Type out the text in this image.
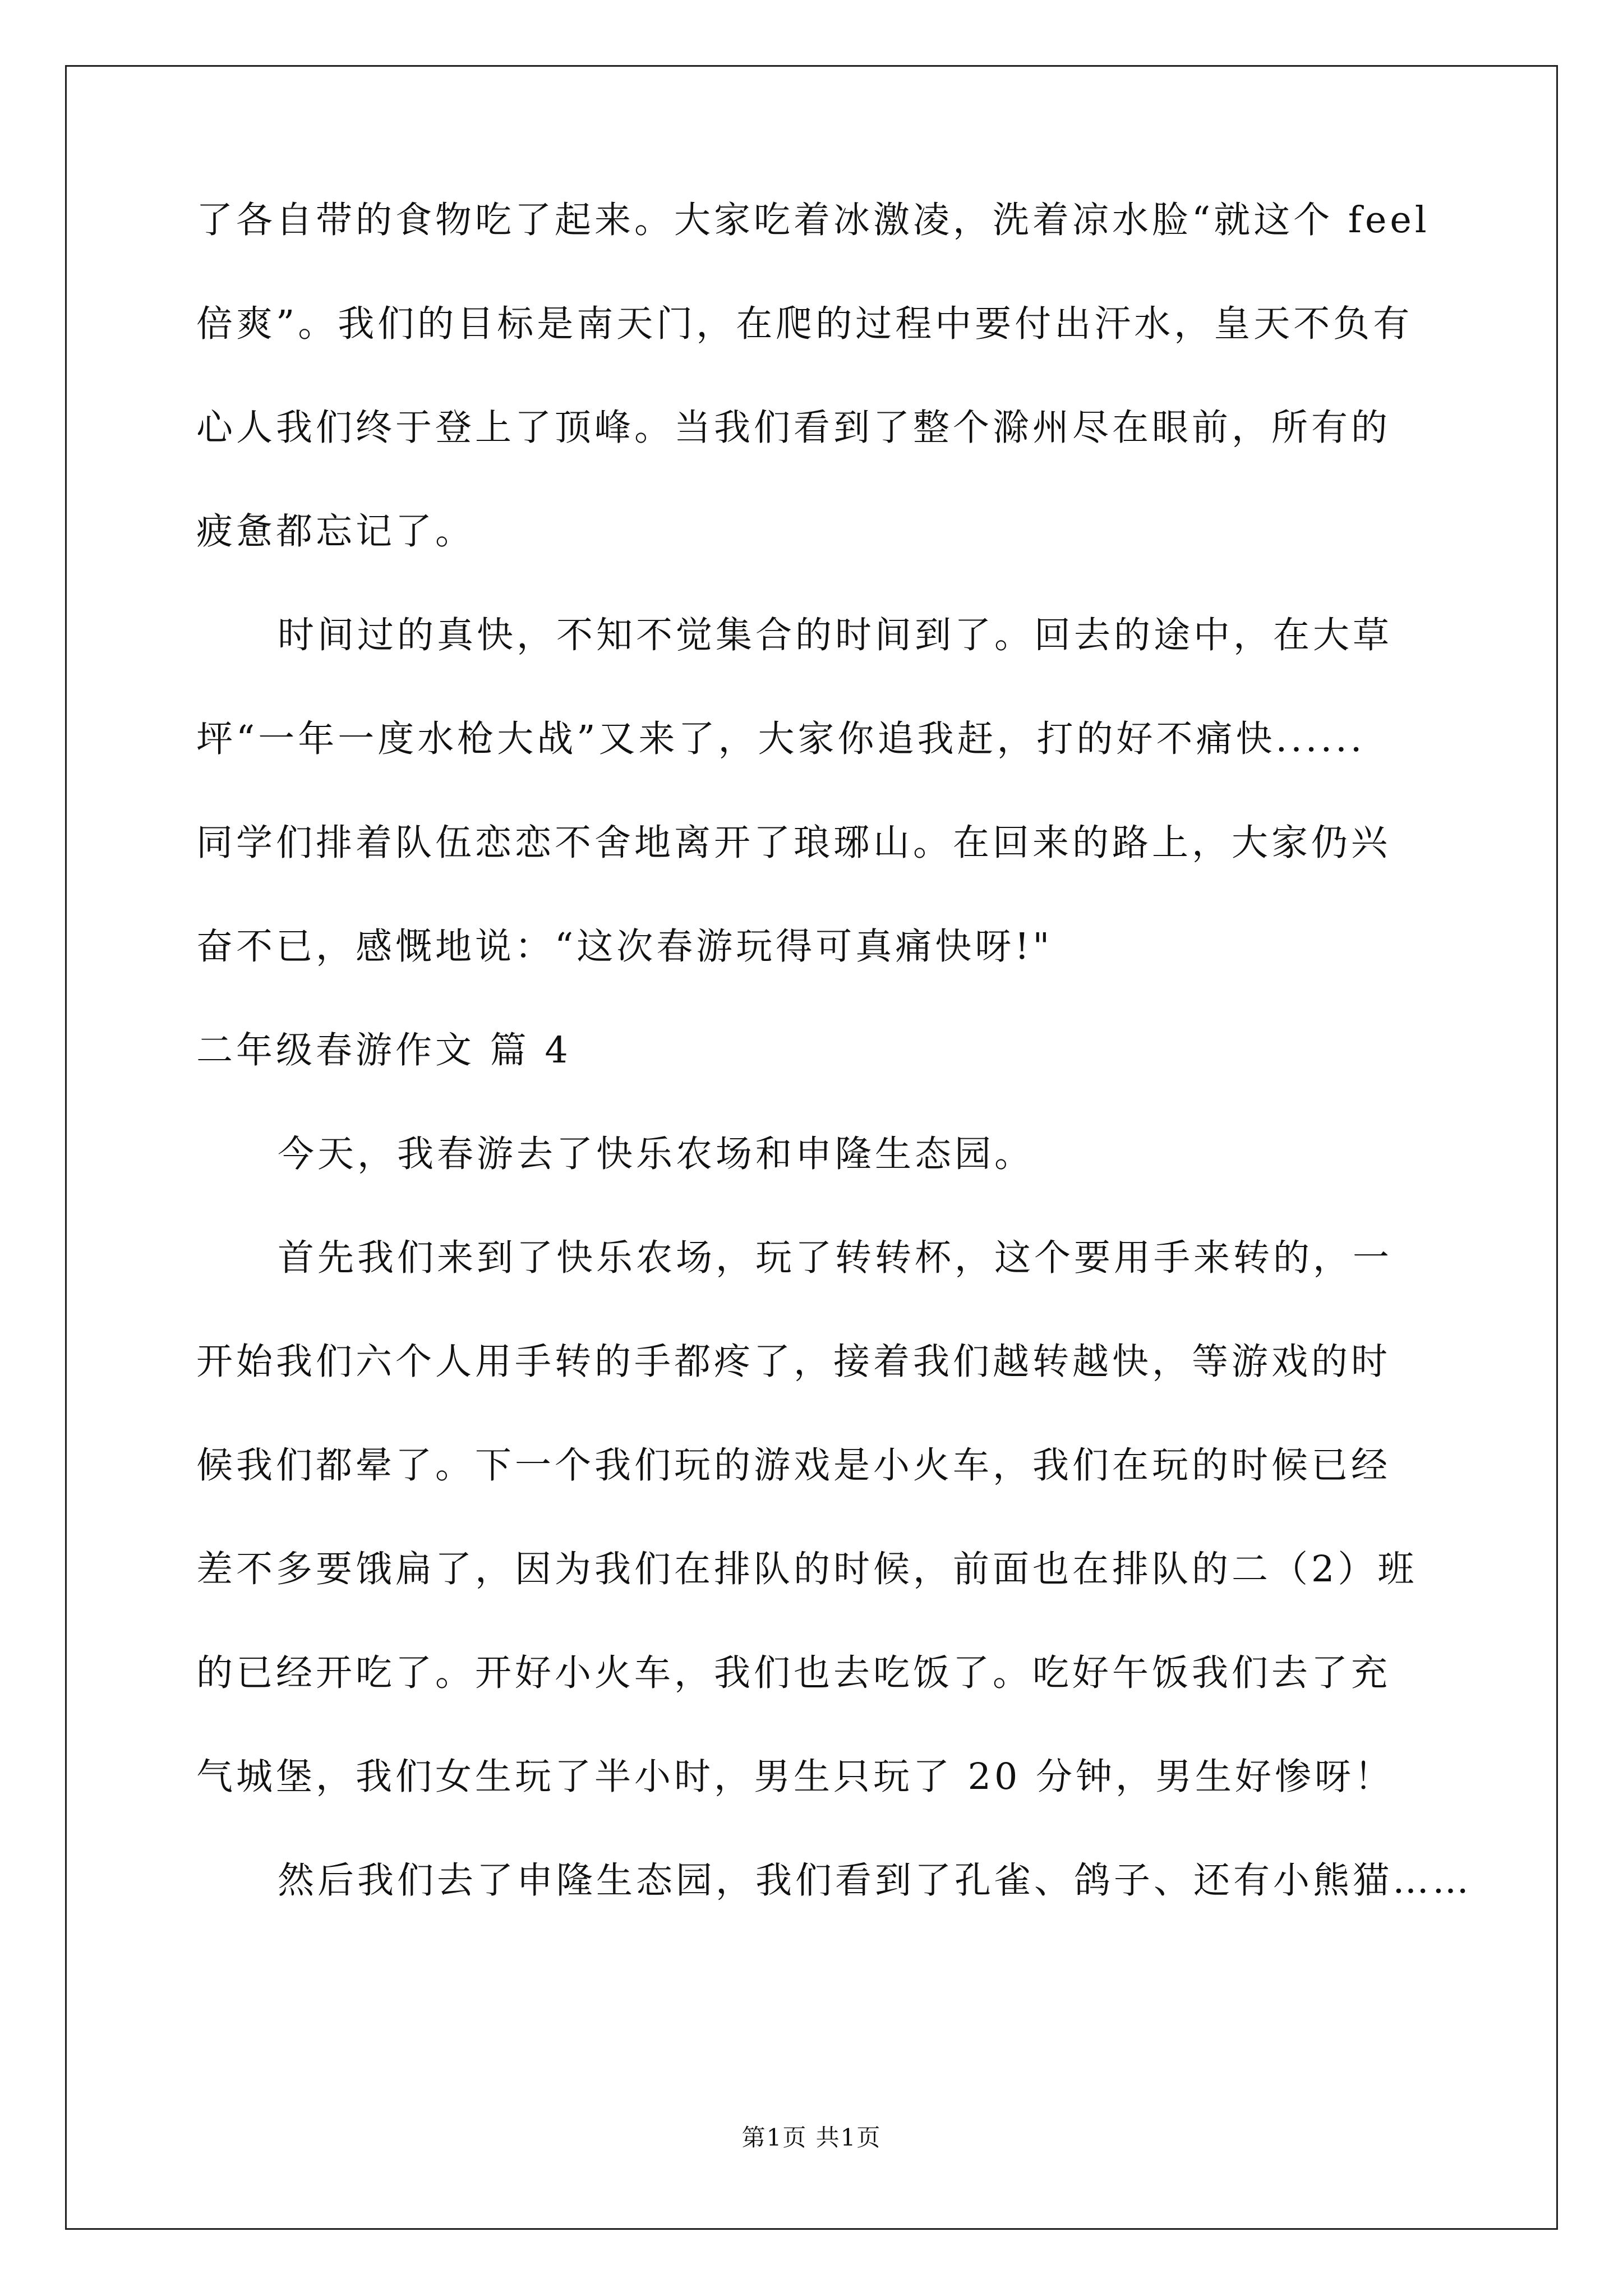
了各自带的食物吃了起来。大家吃着冰激凌，洗着凉水脸“就这个 feel
倍爽”。我们的目标是南天门，在爬的过程中要付出汗水，皇天不负有
心人我们终于登上了顶峰。当我们看到了整个滁州尽在眼前，所有的
疲惫都忘记了。
时间过的真快，不知不觉集合的时间到了。回去的途中，在大草
坪“一年一度水枪大战”又来了，大家你追我赶，打的好不痛快......
同学们排着队伍恋恋不舍地离开了琅琊山。在回来的路上，大家仍兴
奋不已，感慨地说：“这次春游玩得可真痛快呀!"
二年级春游作文 篇 4
今天，我春游去了快乐农场和申隆生态园。
首先我们来到了快乐农场，玩了转转杯，这个要用手来转的，一
开始我们六个人用手转的手都疼了，接着我们越转越快，等游戏的时
候我们都晕了。下一个我们玩的游戏是小火车，我们在玩的时候已经
差不多要饿扁了，因为我们在排队的时候，前面也在排队的二（2）班
的已经开吃了。开好小火车，我们也去吃饭了。吃好午饭我们去了充
气城堡，我们女生玩了半小时，男生只玩了 20 分钟，男生好惨呀！
然后我们去了申隆生态园，我们看到了孔雀、鸽子、还有小熊猫……
第1页 共1页
